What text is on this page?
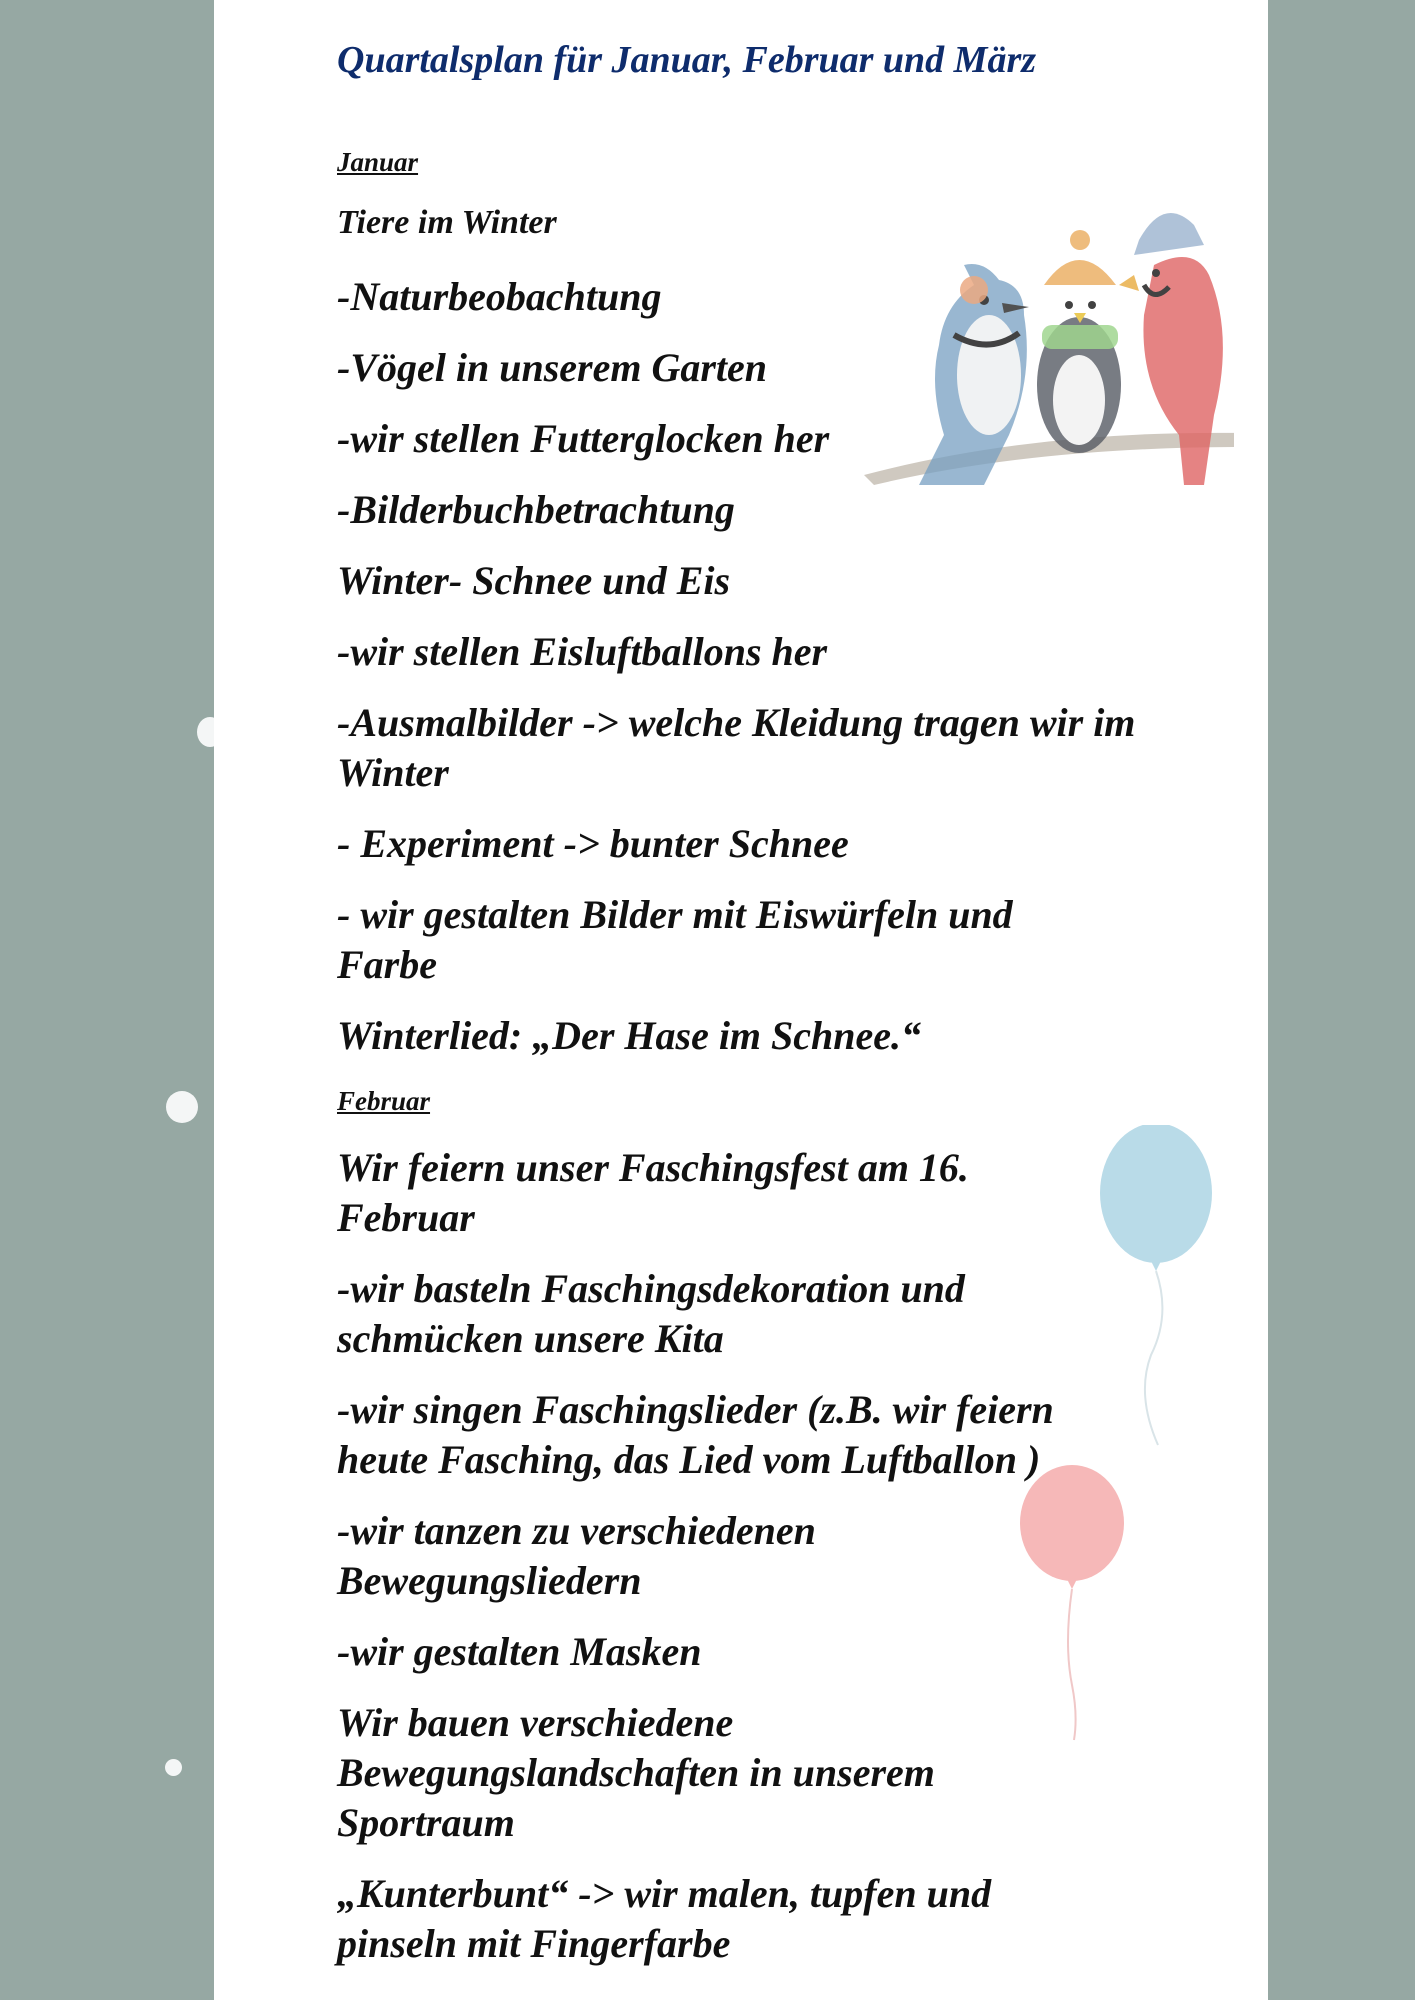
Quartalsplan für Januar, Februar und März
Januar
Tiere im Winter
-Naturbeobachtung
-Vögel in unserem Garten
-wir stellen Futterglocken her
-Bilderbuchbetrachtung
Winter- Schnee und Eis
-wir stellen Eisluftballons her
-Ausmalbilder -> welche Kleidung tragen wir im Winter
- Experiment -> bunter Schnee
- wir gestalten Bilder mit Eiswürfeln und Farbe
Winterlied: „Der Hase im Schnee.“
Februar
Wir feiern unser Faschingsfest am 16. Februar
-wir basteln Faschingsdekoration und schmücken unsere Kita
-wir singen Faschingslieder (z.B. wir feiern heute Fasching, das Lied vom Luftballon )
-wir tanzen zu verschiedenen Bewegungsliedern
-wir gestalten Masken
Wir bauen verschiedene Bewegungslandschaften in unserem Sportraum
„Kunterbunt“ -> wir malen, tupfen und pinseln mit Fingerfarbe
